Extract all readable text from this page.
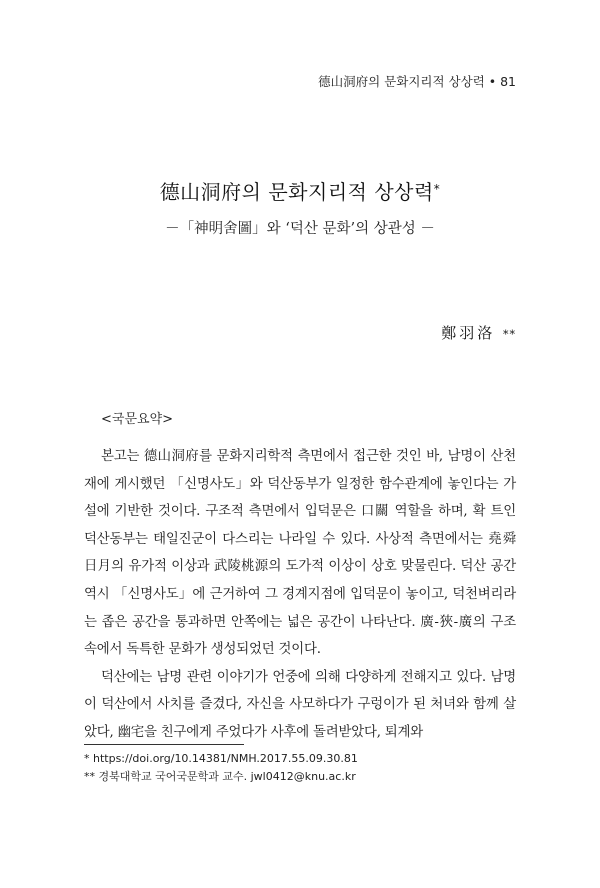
德山洞府의 문화지리적 상상력 • 81
德山洞府의 문화지리적 상상력*
－「神明舍圖」와 ‘덕산 문화’의 상관성 －
鄭羽洛 **
<국문요약>

본고는 德山洞府를 문화지리학적 측면에서 접근한 것인 바, 남명이 산천재에 게시했던 「신명사도」와 덕산동부가 일정한 함수관계에 놓인다는 가설에 기반한 것이다. 구조적 측면에서 입덕문은 口關 역할을 하며, 확 트인 덕산동부는 태일진군이 다스리는 나라일 수 있다. 사상적 측면에서는 堯舜日月의 유가적 이상과 武陵桃源의 도가적 이상이 상호 맞물린다. 덕산 공간 역시 「신명사도」에 근거하여 그 경계지점에 입덕문이 놓이고, 덕천벼리라는 좁은 공간을 통과하면 안쪽에는 넓은 공간이 나타난다. 廣-狹-廣의 구조 속에서 독특한 문화가 생성되었던 것이다.

덕산에는 남명 관련 이야기가 언중에 의해 다양하게 전해지고 있다. 남명이 덕산에서 사치를 즐겼다, 자신을 사모하다가 구렁이가 된 처녀와 함께 살았다, 幽宅을 친구에게 주었다가 사후에 돌려받았다, 퇴계와

* https://doi.org/10.14381/NMH.2017.55.09.30.81
** 경북대학교 국어국문학과 교수. jwl0412@knu.ac.kr
